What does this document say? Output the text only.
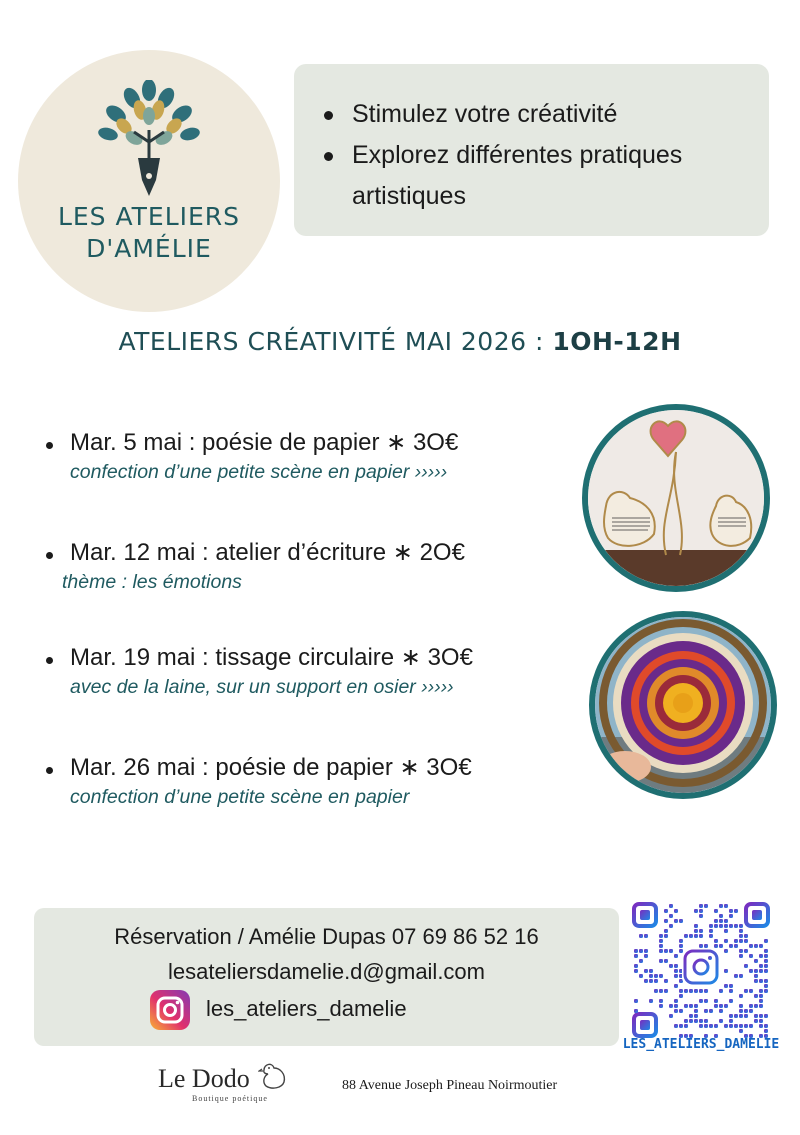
LES ATELIERS
D'AMÉLIE
Stimulez votre créativité
Explorez différentes pratiques artistiques
ATELIERS CRÉATIVITÉ MAI 2026 : 1OH-12H
Mar. 5 mai : poésie de papier ∗ 3O€
confection d’une petite scène en papier ›››››
Mar. 12 mai : atelier d’écriture ∗ 2O€
thème : les émotions
Mar. 19 mai : tissage circulaire ∗ 3O€
avec de la laine, sur un support en osier ›››››
Mar. 26 mai : poésie de papier ∗ 3O€
confection d’une petite scène en papier
Réservation / Amélie Dupas 07 69 86 52 16
lesateliersdamelie.d@gmail.com
les_ateliers_damelie
LES_ATELIERS_DAMELIE
Le Dodo
Boutique poétique
88 Avenue Joseph Pineau Noirmoutier
